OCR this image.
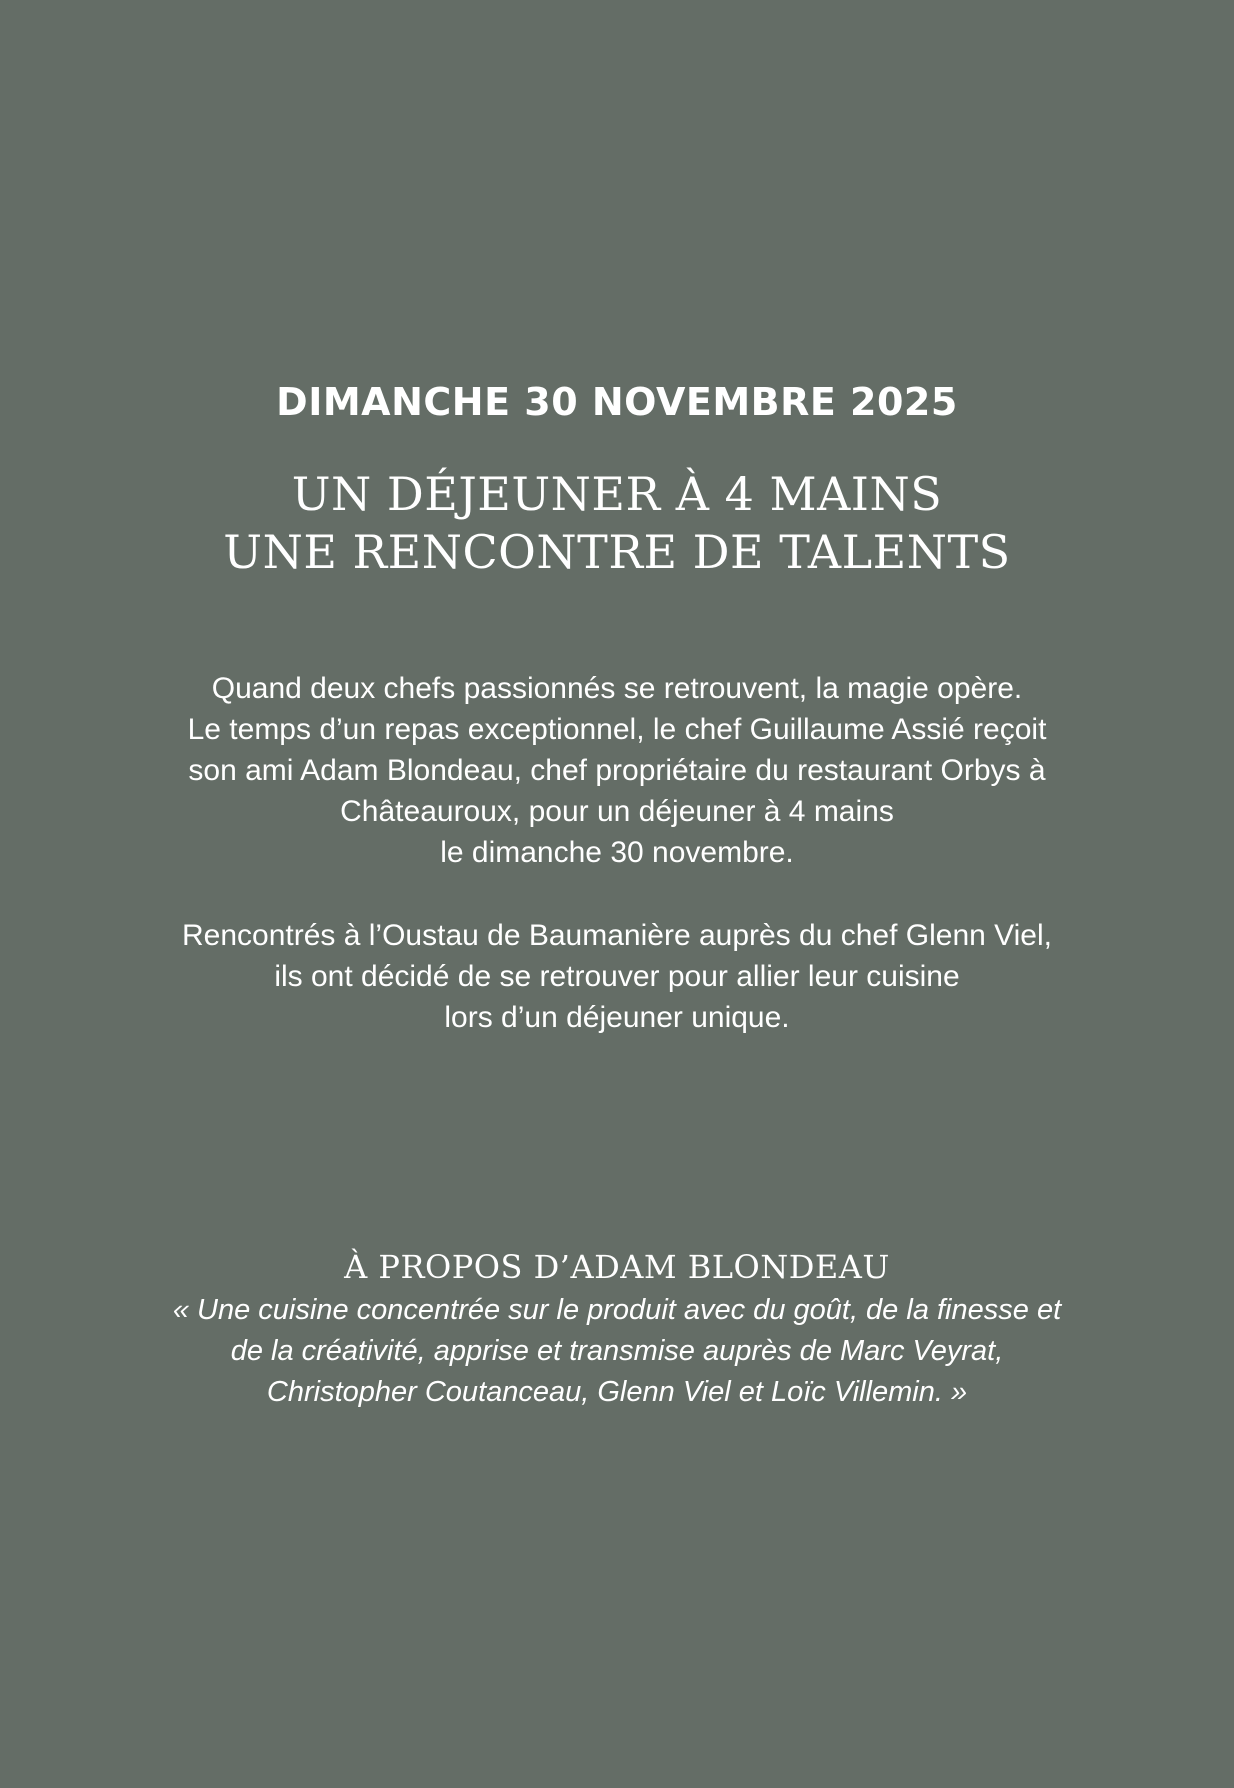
DIMANCHE 30 NOVEMBRE 2025
UN DÉJEUNER À 4 MAINS
UNE RENCONTRE DE TALENTS
Quand deux chefs passionnés se retrouvent, la magie opère.
Le temps d’un repas exceptionnel, le chef Guillaume Assié reçoit
son ami Adam Blondeau, chef propriétaire du restaurant Orbys à
Châteauroux, pour un déjeuner à 4 mains
le dimanche 30 novembre.
Rencontrés à l’Oustau de Baumanière auprès du chef Glenn Viel,
ils ont décidé de se retrouver pour allier leur cuisine
lors d’un déjeuner unique.
À PROPOS D’ADAM BLONDEAU
« Une cuisine concentrée sur le produit avec du goût, de la finesse et
de la créativité, apprise et transmise auprès de Marc Veyrat,
Christopher Coutanceau, Glenn Viel et Loïc Villemin. »
